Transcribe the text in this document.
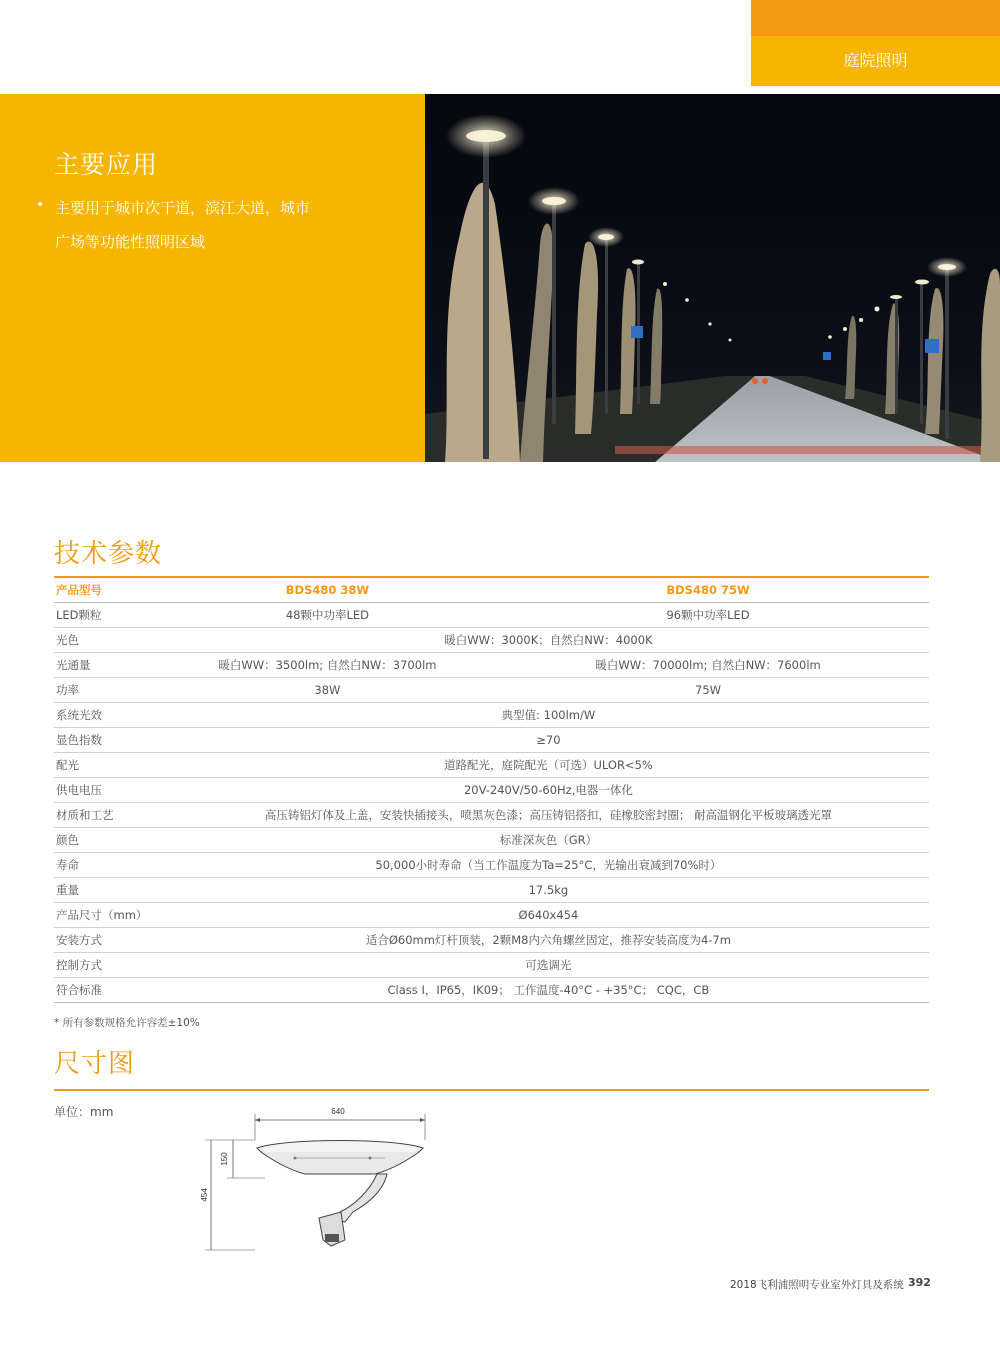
庭院照明
主要应用
• 主要用于城市次干道，滨江大道，城市
广场等功能性照明区域
技术参数
产品型号	BDS480 38W	BDS480 75W
LED颗粒	48颗中功率LED	96颗中功率LED
光色	暖白WW：3000K；自然白NW：4000K	
光通量	暖白WW：3500lm; 自然白NW：3700lm	暖白WW：70000lm; 自然白NW：7600lm
功率	38W	75W
系统光效	典型值: 100lm/W	
显色指数	≥70	
配光	道路配光，庭院配光（可选）ULOR<5%	
供电电压	20V-240V/50-60Hz,电器一体化	
材质和工艺	高压铸铝灯体及上盖，安装快插接头，喷黑灰色漆；高压铸铝搭扣，硅橡胶密封圈； 耐高温钢化平板玻璃透光罩	
颜色	标准深灰色（GR）	
寿命	50,000小时寿命（当工作温度为Ta=25°C，光输出衰减到70%时）	
重量	17.5kg	
产品尺寸（mm）	Ø640x454	
安装方式	适合Ø60mm灯杆顶装，2颗M8内六角螺丝固定，推荐安装高度为4-7m	
控制方式	可选调光	
符合标准	Class I，IP65，IK09； 工作温度-40°C - +35°C； CQC，CB	
* 所有参数规格允许容差±10%
尺寸图
单位：mm	640
454
150
2018飞利浦照明专业室外灯具及系统 392
